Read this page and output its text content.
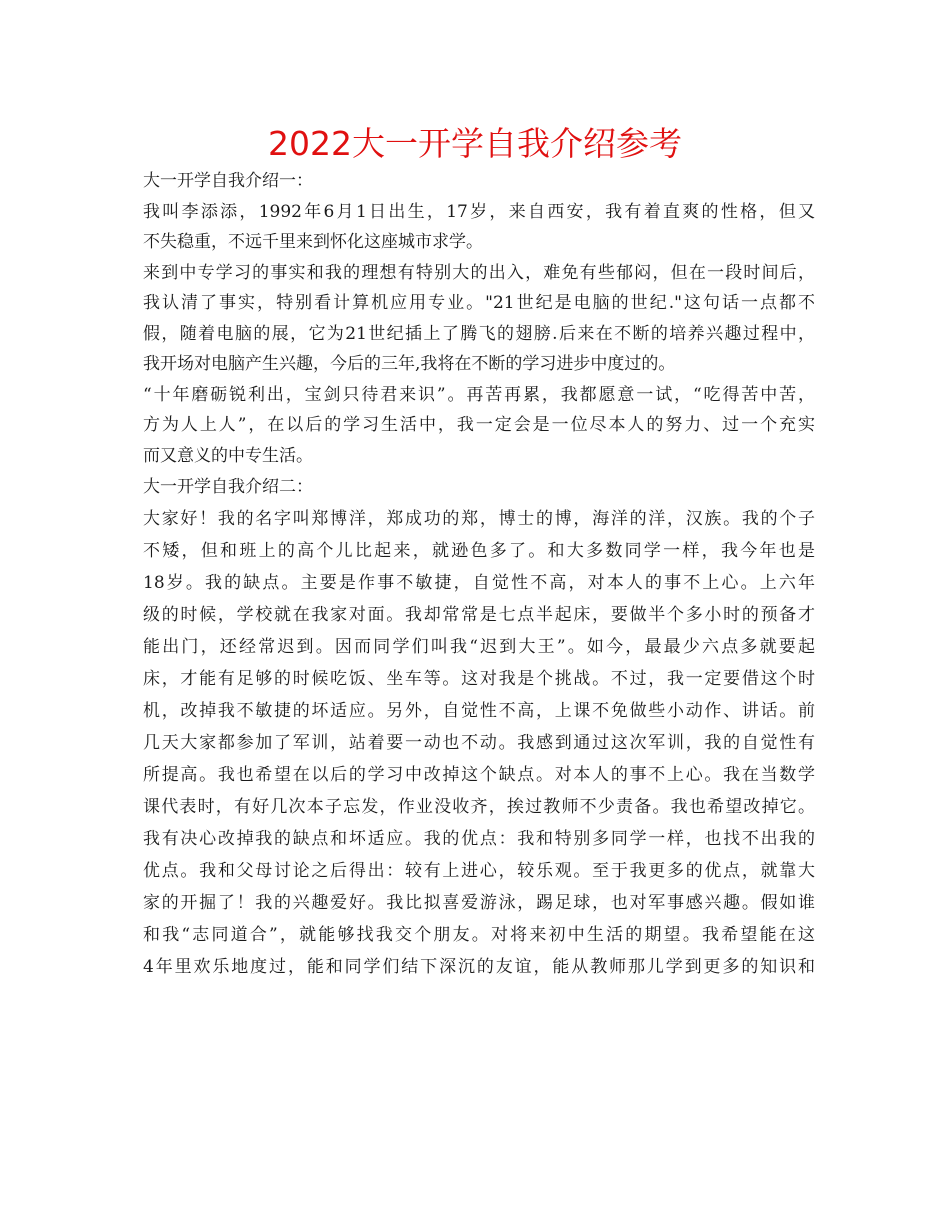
2022大一开学自我介绍参考
大一开学自我介绍一：
我叫李添添，1992年6月1日出生，17岁，来自西安，我有着直爽的性格，但又
不失稳重，不远千里来到怀化这座城市求学。
来到中专学习的事实和我的理想有特别大的出入，难免有些郁闷，但在一段时间后，
我认清了事实，特别看计算机应用专业。"21世纪是电脑的世纪."这句话一点都不
假，随着电脑的展，它为21世纪插上了腾飞的翅膀.后来在不断的培养兴趣过程中，
我开场对电脑产生兴趣，今后的三年,我将在不断的学习进步中度过的。
“十年磨砺锐利出，宝剑只待君来识”。再苦再累，我都愿意一试，“吃得苦中苦，
方为人上人”，在以后的学习生活中，我一定会是一位尽本人的努力、过一个充实
而又意义的中专生活。
大一开学自我介绍二：
大家好！我的名字叫郑博洋，郑成功的郑，博士的博，海洋的洋，汉族。我的个子
不矮，但和班上的高个儿比起来，就逊色多了。和大多数同学一样，我今年也是
18岁。我的缺点。主要是作事不敏捷，自觉性不高，对本人的事不上心。上六年
级的时候，学校就在我家对面。我却常常是七点半起床，要做半个多小时的预备才
能出门，还经常迟到。因而同学们叫我“迟到大王”。如今，最最少六点多就要起
床，才能有足够的时候吃饭、坐车等。这对我是个挑战。不过，我一定要借这个时
机，改掉我不敏捷的坏适应。另外，自觉性不高，上课不免做些小动作、讲话。前
几天大家都参加了军训，站着要一动也不动。我感到通过这次军训，我的自觉性有
所提高。我也希望在以后的学习中改掉这个缺点。对本人的事不上心。我在当数学
课代表时，有好几次本子忘发，作业没收齐，挨过教师不少责备。我也希望改掉它。
我有决心改掉我的缺点和坏适应。我的优点：我和特别多同学一样，也找不出我的
优点。我和父母讨论之后得出：较有上进心，较乐观。至于我更多的优点，就靠大
家的开掘了！我的兴趣爱好。我比拟喜爱游泳，踢足球，也对军事感兴趣。假如谁
和我“志同道合”，就能够找我交个朋友。对将来初中生活的期望。我希望能在这
4年里欢乐地度过，能和同学们结下深沉的友谊，能从教师那儿学到更多的知识和
